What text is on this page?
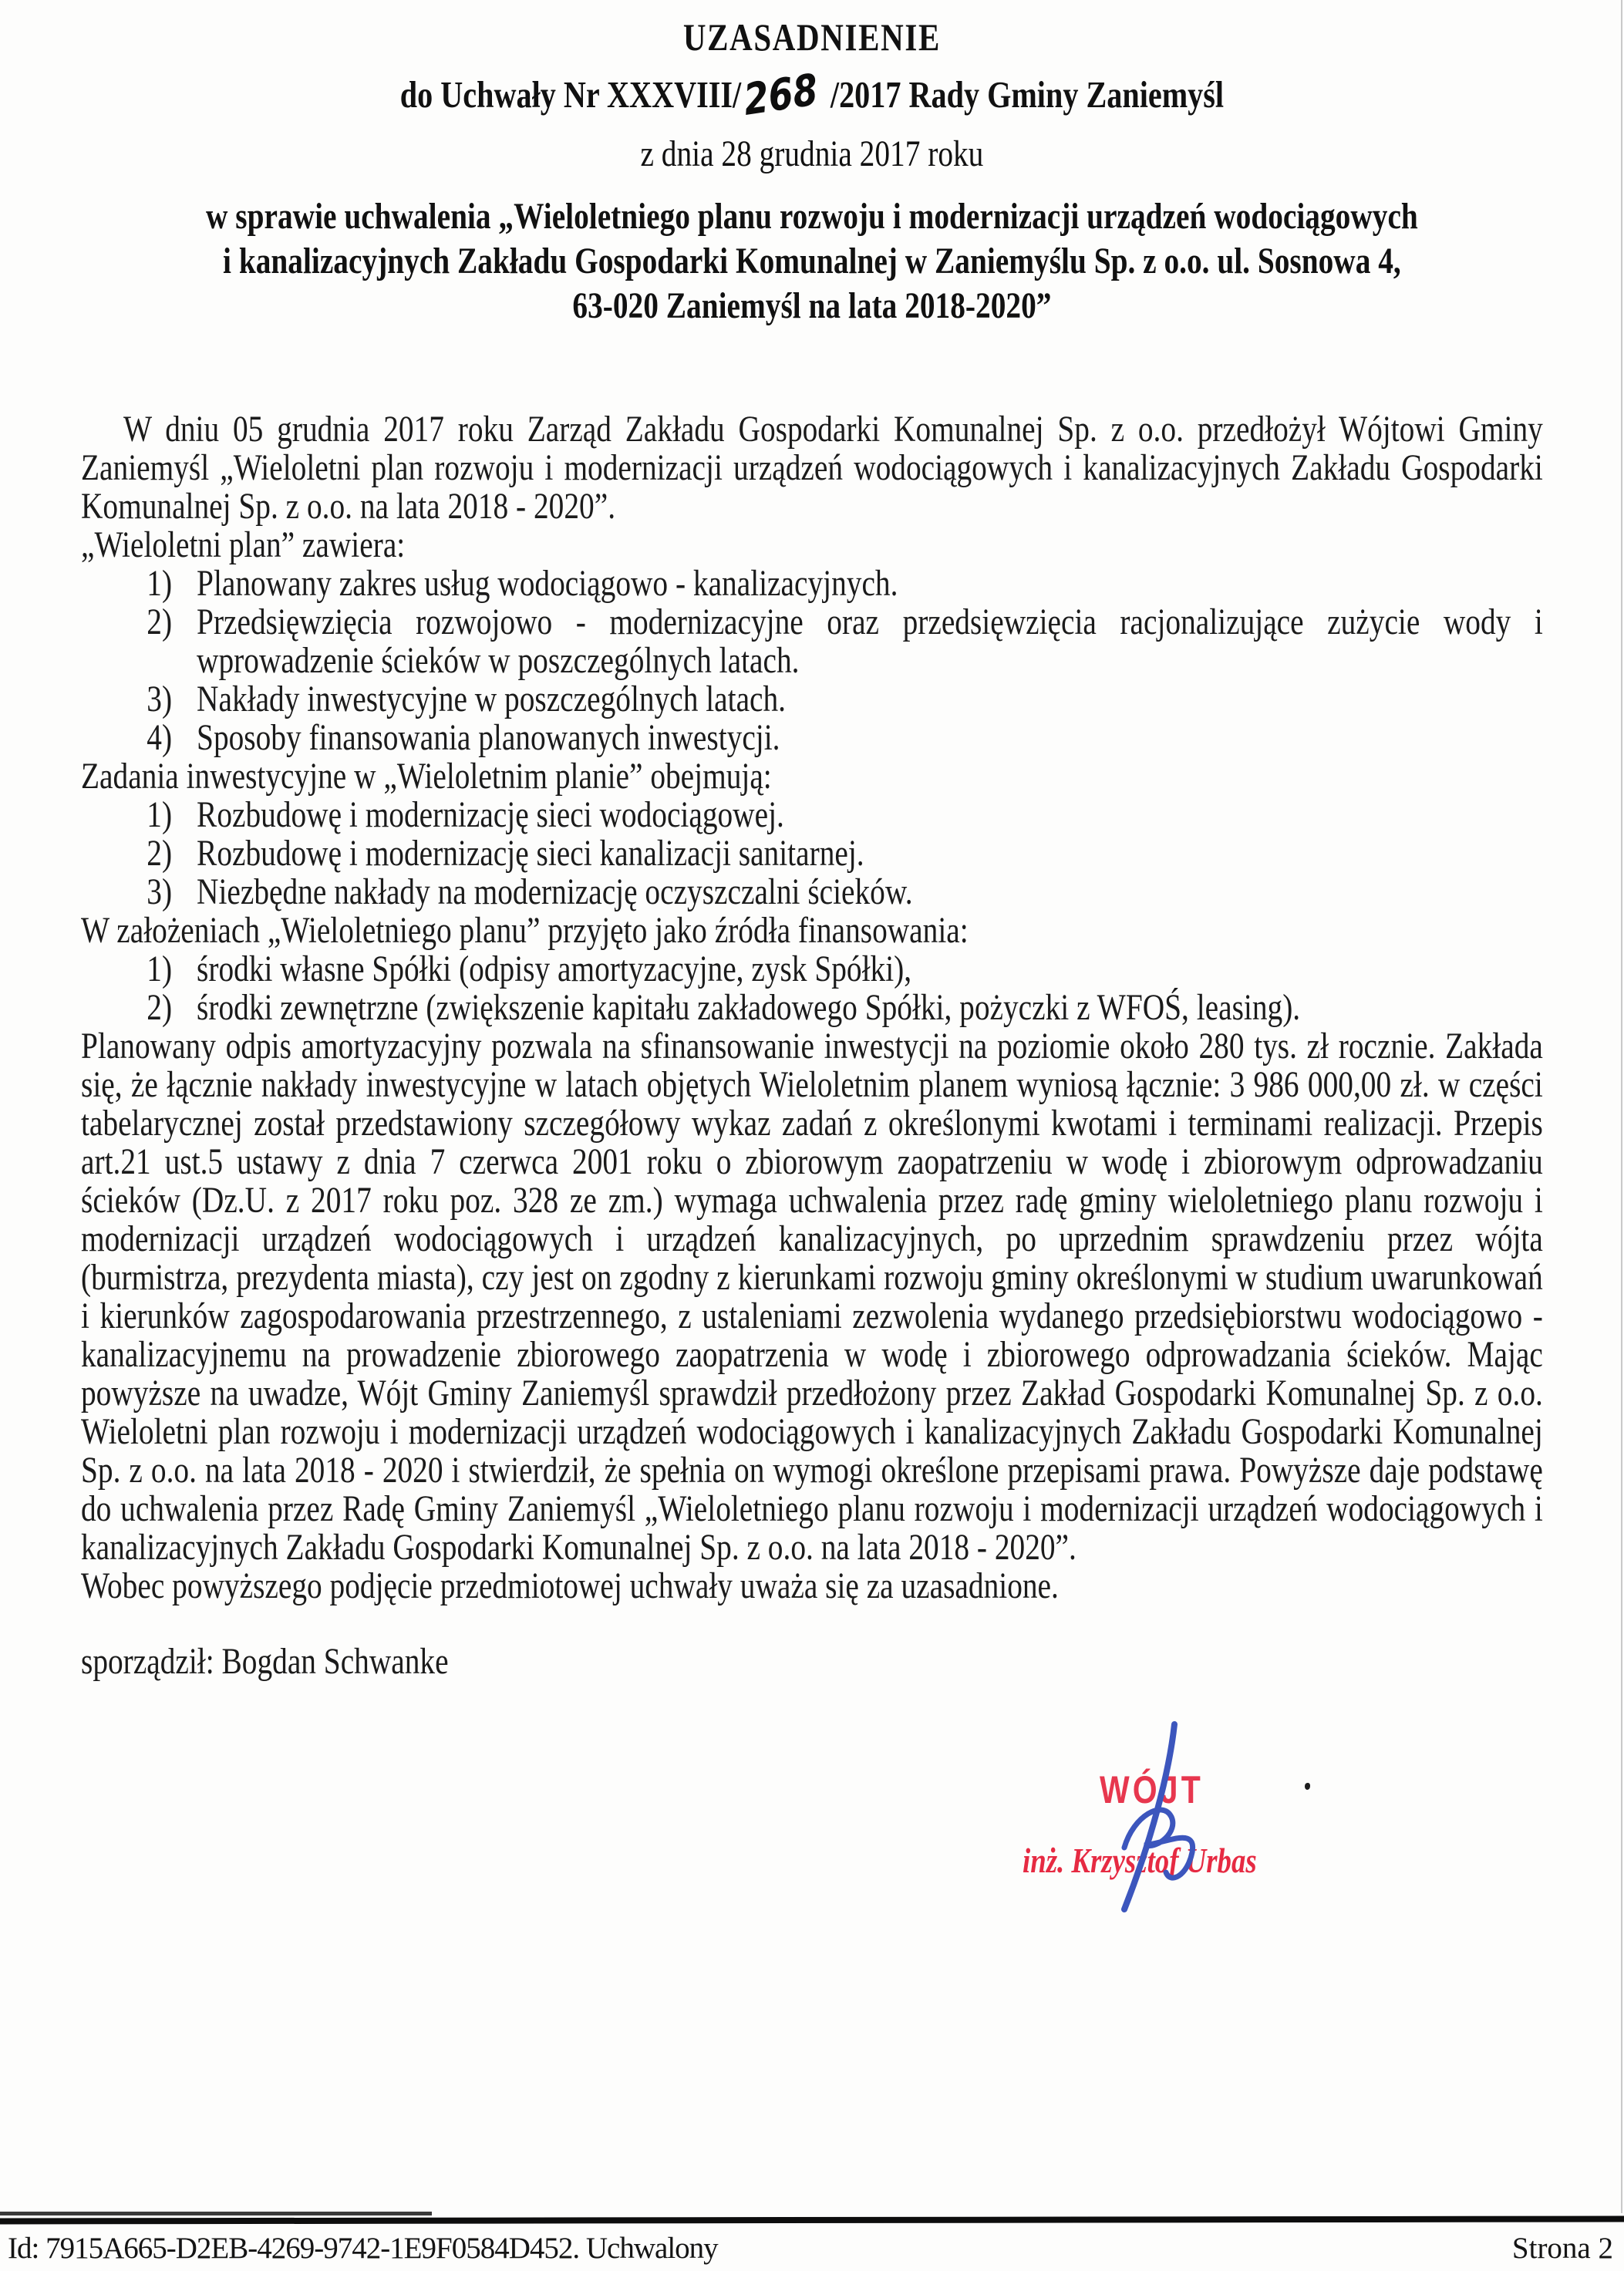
UZASADNIENIE
do Uchwały Nr XXXVIII/268 /2017 Rady Gminy Zaniemyśl
z dnia 28 grudnia 2017 roku
w sprawie uchwalenia „Wieloletniego planu rozwoju i modernizacji urządzeń wodociągowych
i kanalizacyjnych Zakładu Gospodarki Komunalnej w Zaniemyślu Sp. z o.o. ul. Sosnowa 4,
63-020 Zaniemyśl na lata 2018-2020”

W dniu 05 grudnia 2017 roku Zarząd Zakładu Gospodarki Komunalnej Sp. z o.o. przedłożył Wójtowi Gminy Zaniemyśl „Wieloletni plan rozwoju i modernizacji urządzeń wodociągowych i kanalizacyjnych Zakładu Gospodarki Komunalnej Sp. z o.o. na lata 2018 - 2020”.

„Wieloletni plan” zawiera:

Planowany zakres usług wodociągowo - kanalizacyjnych.
Przedsięwzięcia rozwojowo - modernizacyjne oraz przedsięwzięcia racjonalizujące zużycie wody i wprowadzenie ścieków w poszczególnych latach.
Nakłady inwestycyjne w poszczególnych latach.
Sposoby finansowania planowanych inwestycji.

Zadania inwestycyjne w „Wieloletnim planie” obejmują:

Rozbudowę i modernizację sieci wodociągowej.
Rozbudowę i modernizację sieci kanalizacji sanitarnej.
Niezbędne nakłady na modernizację oczyszczalni ścieków.

W założeniach „Wieloletniego planu” przyjęto jako źródła finansowania:

środki własne Spółki (odpisy amortyzacyjne, zysk Spółki),
środki zewnętrzne (zwiększenie kapitału zakładowego Spółki, pożyczki z WFOŚ, leasing).

Planowany odpis amortyzacyjny pozwala na sfinansowanie inwestycji na poziomie około 280 tys. zł rocznie. Zakłada się, że łącznie nakłady inwestycyjne w latach objętych Wieloletnim planem wyniosą łącznie: 3 986 000,00 zł. w części tabelarycznej został przedstawiony szczegółowy wykaz zadań z określonymi kwotami i terminami realizacji. Przepis art.21 ust.5 ustawy z dnia 7 czerwca 2001 roku o zbiorowym zaopatrzeniu w wodę i zbiorowym odprowadzaniu ścieków (Dz.U. z 2017 roku poz. 328 ze zm.) wymaga uchwalenia przez radę gminy wieloletniego planu rozwoju i modernizacji urządzeń wodociągowych i urządzeń kanalizacyjnych, po uprzednim sprawdzeniu przez wójta (burmistrza, prezydenta miasta), czy jest on zgodny z kierunkami rozwoju gminy określonymi w studium uwarunkowań i kierunków zagospodarowania przestrzennego, z ustaleniami zezwolenia wydanego przedsiębiorstwu wodociągowo - kanalizacyjnemu na prowadzenie zbiorowego zaopatrzenia w wodę i zbiorowego odprowadzania ścieków. Mając powyższe na uwadze, Wójt Gminy Zaniemyśl sprawdził przedłożony przez Zakład Gospodarki Komunalnej Sp. z o.o. Wieloletni plan rozwoju i modernizacji urządzeń wodociągowych i kanalizacyjnych Zakładu Gospodarki Komunalnej Sp. z o.o. na lata 2018 - 2020 i stwierdził, że spełnia on wymogi określone przepisami prawa. Powyższe daje podstawę do uchwalenia przez Radę Gminy Zaniemyśl „Wieloletniego planu rozwoju i modernizacji urządzeń wodociągowych i kanalizacyjnych Zakładu Gospodarki Komunalnej Sp. z o.o. na lata 2018 - 2020”.

Wobec powyższego podjęcie przedmiotowej uchwały uważa się za uzasadnione.

sporządził: Bogdan Schwanke

WÓJT
inż. Krzysztof Urbas
Id: 7915A665-D2EB-4269-9742-1E9F0584D452. Uchwalony	Strona 2
